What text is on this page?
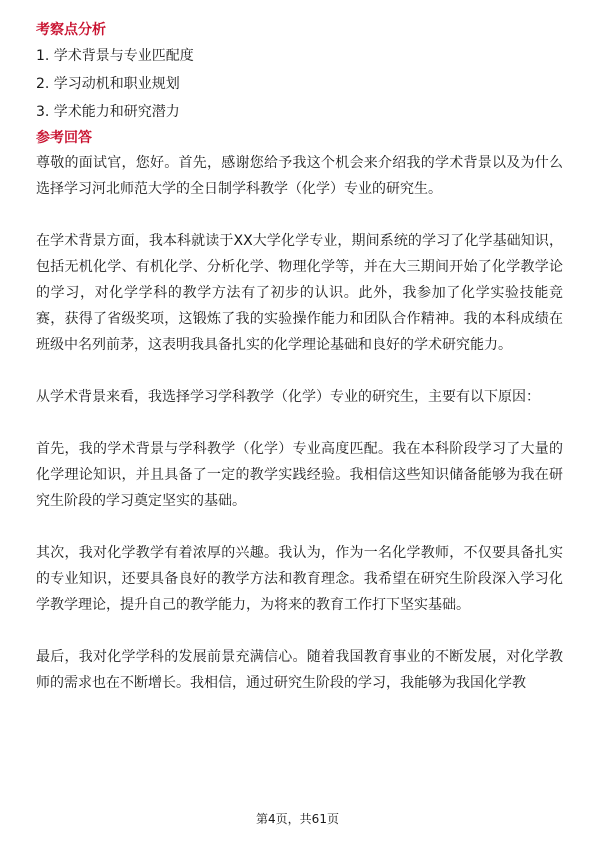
考察点分析
1. 学术背景与专业匹配度
2. 学习动机和职业规划
3. 学术能力和研究潜力
参考回答

尊敬的面试官，您好。首先，感谢您给予我这个机会来介绍我的学术背景以及为什么选择学习河北师范大学的全日制学科教学（化学）专业的研究生。

在学术背景方面，我本科就读于XX大学化学专业，期间系统的学习了化学基础知识，包括无机化学、有机化学、分析化学、物理化学等，并在大三期间开始了化学教学论的学习，对化学学科的教学方法有了初步的认识。此外，我参加了化学实验技能竞赛，获得了省级奖项，这锻炼了我的实验操作能力和团队合作精神。我的本科成绩在班级中名列前茅，这表明我具备扎实的化学理论基础和良好的学术研究能力。

从学术背景来看，我选择学习学科教学（化学）专业的研究生，主要有以下原因：

首先，我的学术背景与学科教学（化学）专业高度匹配。我在本科阶段学习了大量的化学理论知识，并且具备了一定的教学实践经验。我相信这些知识储备能够为我在研究生阶段的学习奠定坚实的基础。

其次，我对化学教学有着浓厚的兴趣。我认为，作为一名化学教师，不仅要具备扎实的专业知识，还要具备良好的教学方法和教育理念。我希望在研究生阶段深入学习化学教学理论，提升自己的教学能力，为将来的教育工作打下坚实基础。

最后，我对化学学科的发展前景充满信心。随着我国教育事业的不断发展，对化学教师的需求也在不断增长。我相信，通过研究生阶段的学习，我能够为我国化学教

第4页，共61页
